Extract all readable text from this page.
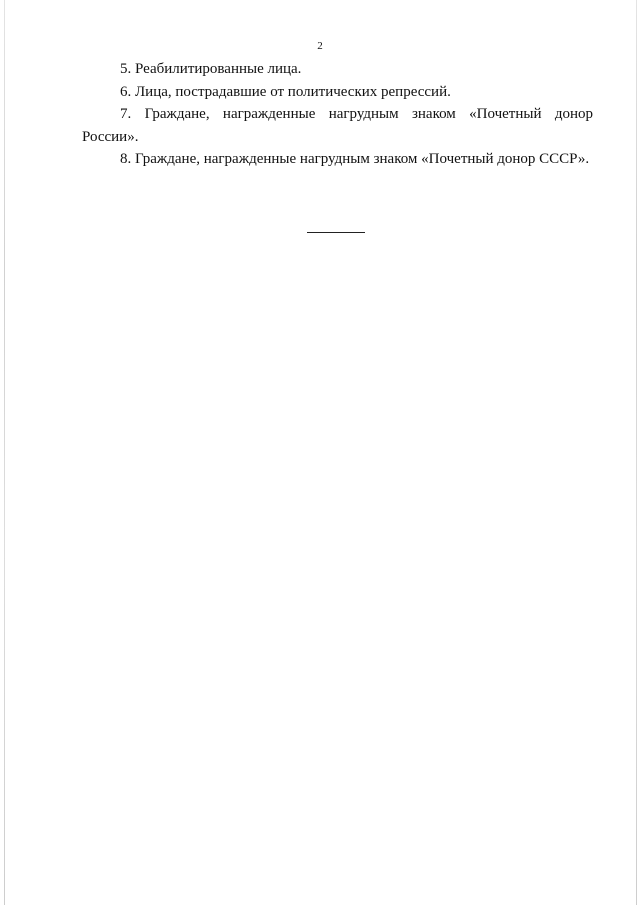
2

5. Реабилитированные лица.

6. Лица, пострадавшие от политических репрессий.

7. Граждане, награжденные нагрудным знаком «Почетный донор России».

8. Граждане, награжденные нагрудным знаком «Почетный донор СССР».
